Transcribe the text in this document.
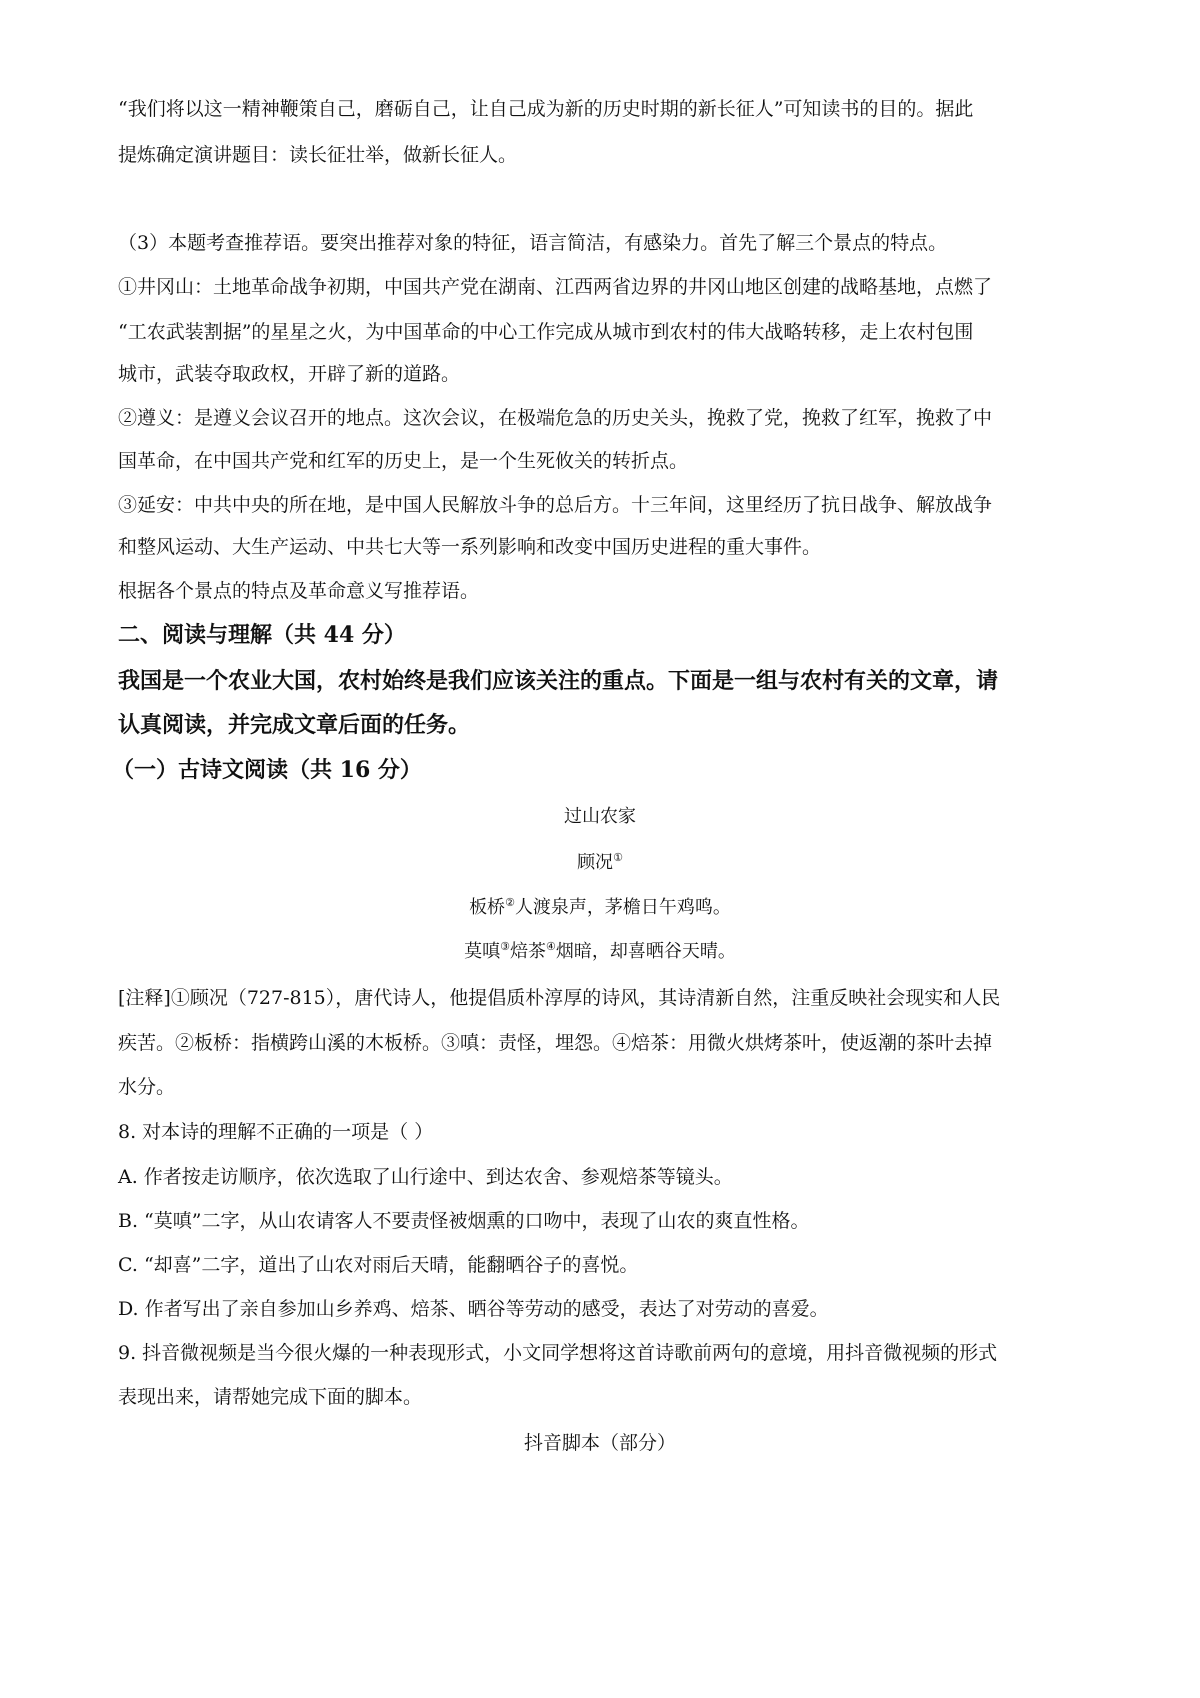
“我们将以这一精神鞭策自己，磨砺自己，让自己成为新的历史时期的新长征人”可知读书的目的。据此
提炼确定演讲题目：读长征壮举，做新长征人。
（3）本题考查推荐语。要突出推荐对象的特征，语言简洁，有感染力。首先了解三个景点的特点。
①井冈山：土地革命战争初期，中国共产党在湖南、江西两省边界的井冈山地区创建的战略基地，点燃了
“工农武装割据”的星星之火，为中国革命的中心工作完成从城市到农村的伟大战略转移，走上农村包围
城市，武装夺取政权，开辟了新的道路。
②遵义：是遵义会议召开的地点。这次会议，在极端危急的历史关头，挽救了党，挽救了红军，挽救了中
国革命，在中国共产党和红军的历史上，是一个生死攸关的转折点。
③延安：中共中央的所在地，是中国人民解放斗争的总后方。十三年间，这里经历了抗日战争、解放战争
和整风运动、大生产运动、中共七大等一系列影响和改变中国历史进程的重大事件。
根据各个景点的特点及革命意义写推荐语。
二、阅读与理解（共 44 分）
我国是一个农业大国，农村始终是我们应该关注的重点。下面是一组与农村有关的文章，请
认真阅读，并完成文章后面的任务。
（一）古诗文阅读（共 16 分）
过山农家
顾况①
板桥②人渡泉声，茅檐日午鸡鸣。
莫嗔③焙茶④烟暗，却喜晒谷天晴。
[注释]①顾况（727-815），唐代诗人，他提倡质朴淳厚的诗风，其诗清新自然，注重反映社会现实和人民
疾苦。②板桥：指横跨山溪的木板桥。③嗔：责怪，埋怨。④焙茶：用微火烘烤茶叶，使返潮的茶叶去掉
水分。
8. 对本诗的理解不正确的一项是（ ）
A. 作者按走访顺序，依次选取了山行途中、到达农舍、参观焙茶等镜头。
B. “莫嗔”二字，从山农请客人不要责怪被烟熏的口吻中，表现了山农的爽直性格。
C. “却喜”二字，道出了山农对雨后天晴，能翻晒谷子的喜悦。
D. 作者写出了亲自参加山乡养鸡、焙茶、晒谷等劳动的感受，表达了对劳动的喜爱。
9. 抖音微视频是当今很火爆的一种表现形式，小文同学想将这首诗歌前两句的意境，用抖音微视频的形式
表现出来，请帮她完成下面的脚本。
抖音脚本（部分）
